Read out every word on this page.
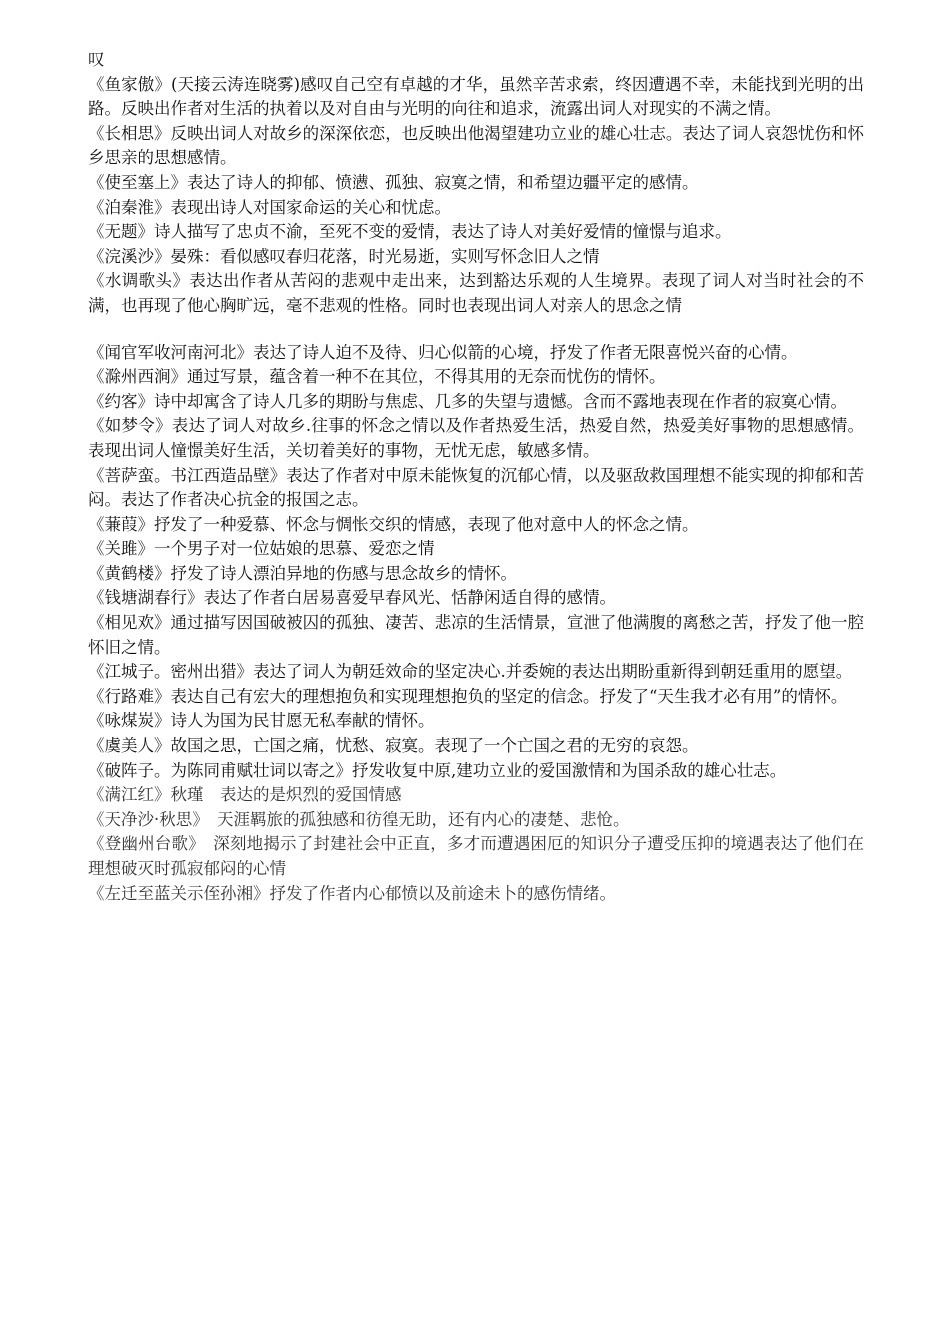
叹

《鱼家傲》(天接云涛连晓雾)感叹自己空有卓越的才华，虽然辛苦求索，终因遭遇不幸，未能找到光明的出路。反映出作者对生活的执着以及对自由与光明的向往和追求，流露出词人对现实的不满之情。

《长相思》反映出词人对故乡的深深依恋，也反映出他渴望建功立业的雄心壮志。表达了词人哀怨忧伤和怀乡思亲的思想感情。

《使至塞上》表达了诗人的抑郁、愤懑、孤独、寂寞之情，和希望边疆平定的感情。

《泊秦淮》表现出诗人对国家命运的关心和忧虑。

《无题》诗人描写了忠贞不渝，至死不变的爱情，表达了诗人对美好爱情的憧憬与追求。

《浣溪沙》晏殊：看似感叹春归花落，时光易逝，实则写怀念旧人之情

《水调歌头》表达出作者从苦闷的悲观中走出来，达到豁达乐观的人生境界。表现了词人对当时社会的不满，也再现了他心胸旷远，毫不悲观的性格。同时也表现出词人对亲人的思念之情

《闻官军收河南河北》表达了诗人迫不及待、归心似箭的心境，抒发了作者无限喜悦兴奋的心情。

《滁州西涧》通过写景，蕴含着一种不在其位，不得其用的无奈而忧伤的情怀。

《约客》诗中却寓含了诗人几多的期盼与焦虑、几多的失望与遗憾。含而不露地表现在作者的寂寞心情。

《如梦令》表达了词人对故乡.往事的怀念之情以及作者热爱生活，热爱自然，热爱美好事物的思想感情。表现出词人憧憬美好生活，关切着美好的事物，无忧无虑，敏感多情。

《菩萨蛮。书江西造品壁》表达了作者对中原未能恢复的沉郁心情，以及驱敌救国理想不能实现的抑郁和苦闷。表达了作者决心抗金的报国之志。

《蒹葭》抒发了一种爱慕、怀念与惆怅交织的情感，表现了他对意中人的怀念之情。

《关雎》一个男子对一位姑娘的思慕、爱恋之情

《黄鹤楼》抒发了诗人漂泊异地的伤感与思念故乡的情怀。

《钱塘湖春行》表达了作者白居易喜爱早春风光、恬静闲适自得的感情。

《相见欢》通过描写因国破被囚的孤独、凄苦、悲凉的生活情景，宣泄了他满腹的离愁之苦，抒发了他一腔怀旧之情。

《江城子。密州出猎》表达了词人为朝廷效命的坚定决心.并委婉的表达出期盼重新得到朝廷重用的愿望。

《行路难》表达自己有宏大的理想抱负和实现理想抱负的坚定的信念。抒发了“天生我才必有用”的情怀。

《咏煤炭》诗人为国为民甘愿无私奉献的情怀。

《虞美人》故国之思，亡国之痛，忧愁、寂寞。表现了一个亡国之君的无穷的哀怨。

《破阵子。为陈同甫赋壮词以寄之》抒发收复中原,建功立业的爱国激情和为国杀敌的雄心壮志。

《满江红》秋瑾　表达的是炽烈的爱国情感

《天净沙·秋思》　天涯羁旅的孤独感和彷徨无助，还有内心的凄楚、悲怆。

《登幽州台歌》　深刻地揭示了封建社会中正直，多才而遭遇困厄的知识分子遭受压抑的境遇表达了他们在理想破灭时孤寂郁闷的心情

《左迁至蓝关示侄孙湘》抒发了作者内心郁愤以及前途未卜的感伤情绪。
